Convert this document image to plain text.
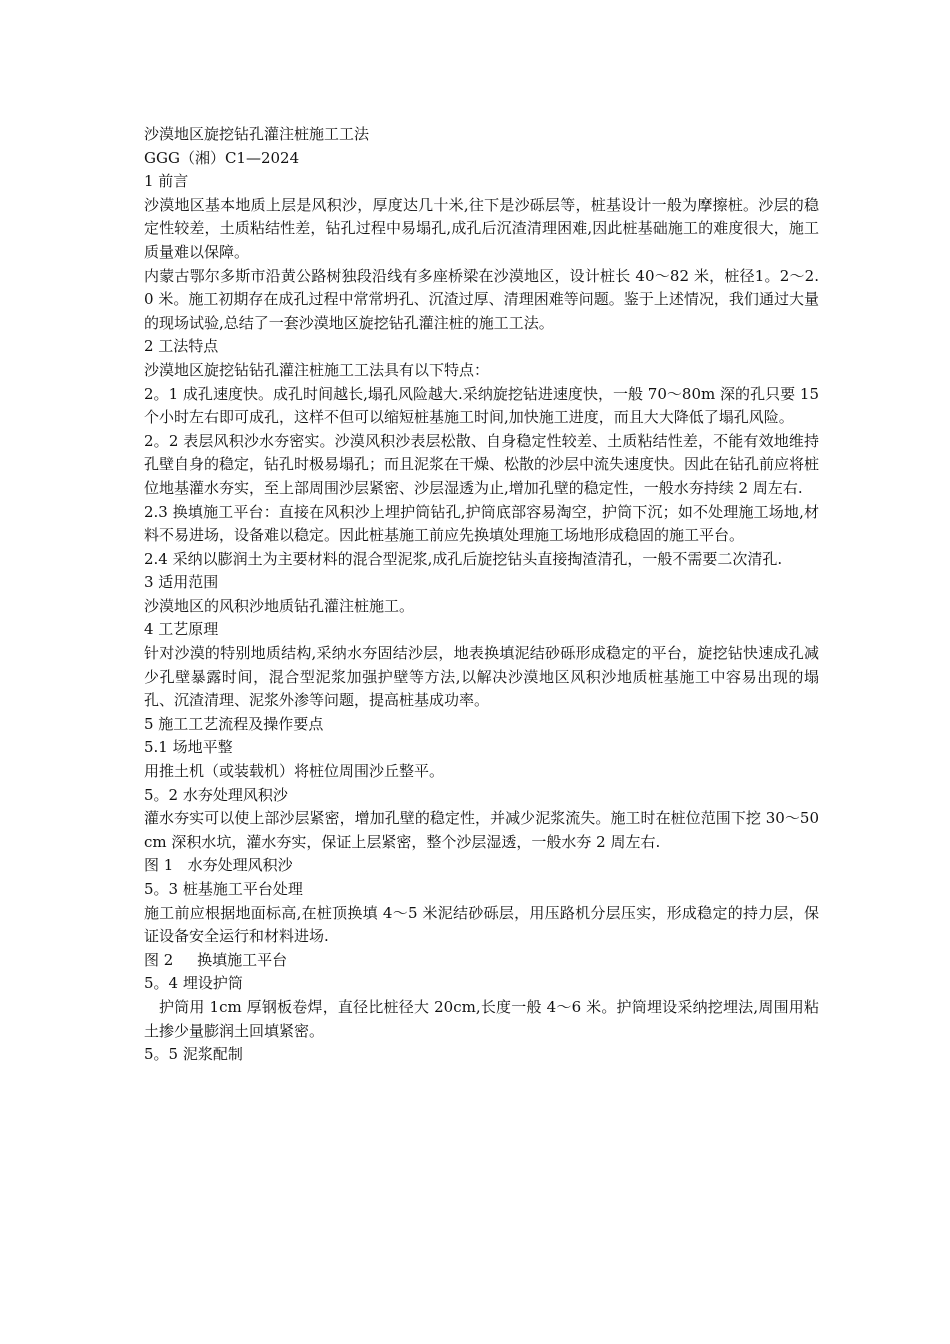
沙漠地区旋挖钻孔灌注桩施工工法

GGG（湘）C1—2024

1 前言

沙漠地区基本地质上层是风积沙，厚度达几十米,往下是沙砾层等，桩基设计一般为摩擦桩。沙层的稳定性较差，土质粘结性差，钻孔过程中易塌孔,成孔后沉渣清理困难,因此桩基础施工的难度很大，施工质量难以保障。

内蒙古鄂尔多斯市沿黄公路树独段沿线有多座桥梁在沙漠地区，设计桩长 40～82 米，桩径1。2～2.0 米。施工初期存在成孔过程中常常坍孔、沉渣过厚、清理困难等问题。鉴于上述情况，我们通过大量的现场试验,总结了一套沙漠地区旋挖钻孔灌注桩的施工工法。

2 工法特点

沙漠地区旋挖钻钻孔灌注桩施工工法具有以下特点：

2。1 成孔速度快。成孔时间越长,塌孔风险越大.采纳旋挖钻进速度快，一般 70～80m 深的孔只要 15 个小时左右即可成孔，这样不但可以缩短桩基施工时间,加快施工进度，而且大大降低了塌孔风险。

2。2 表层风积沙水夯密实。沙漠风积沙表层松散、自身稳定性较差、土质粘结性差，不能有效地维持孔壁自身的稳定，钻孔时极易塌孔；而且泥浆在干燥、松散的沙层中流失速度快。因此在钻孔前应将桩位地基灌水夯实，至上部周围沙层紧密、沙层湿透为止,增加孔壁的稳定性，一般水夯持续 2 周左右.

2.3 换填施工平台：直接在风积沙上埋护筒钻孔,护筒底部容易淘空，护筒下沉；如不处理施工场地,材料不易进场，设备难以稳定。因此桩基施工前应先换填处理施工场地形成稳固的施工平台。

2.4 采纳以膨润土为主要材料的混合型泥浆,成孔后旋挖钻头直接掏渣清孔，一般不需要二次清孔.

3 适用范围

沙漠地区的风积沙地质钻孔灌注桩施工。

4 工艺原理

针对沙漠的特别地质结构,采纳水夯固结沙层，地表换填泥结砂砾形成稳定的平台，旋挖钻快速成孔减少孔壁暴露时间，混合型泥浆加强护壁等方法,以解决沙漠地区风积沙地质桩基施工中容易出现的塌孔、沉渣清理、泥浆外渗等问题，提高桩基成功率。

5 施工工艺流程及操作要点

5.1 场地平整

用推土机（或装载机）将桩位周围沙丘整平。

5。2 水夯处理风积沙

灌水夯实可以使上部沙层紧密，增加孔壁的稳定性，并减少泥浆流失。施工时在桩位范围下挖 30～50cm 深积水坑，灌水夯实，保证上层紧密，整个沙层湿透，一般水夯 2 周左右.

图 1   水夯处理风积沙

5。3 桩基施工平台处理

施工前应根据地面标高,在桩顶换填 4～5 米泥结砂砾层，用压路机分层压实，形成稳定的持力层，保证设备安全运行和材料进场.

图 2     换填施工平台

5。4 埋设护筒

护筒用 1cm 厚钢板卷焊，直径比桩径大 20cm,长度一般 4～6 米。护筒埋设采纳挖埋法,周围用粘土掺少量膨润土回填紧密。

5。5 泥浆配制
